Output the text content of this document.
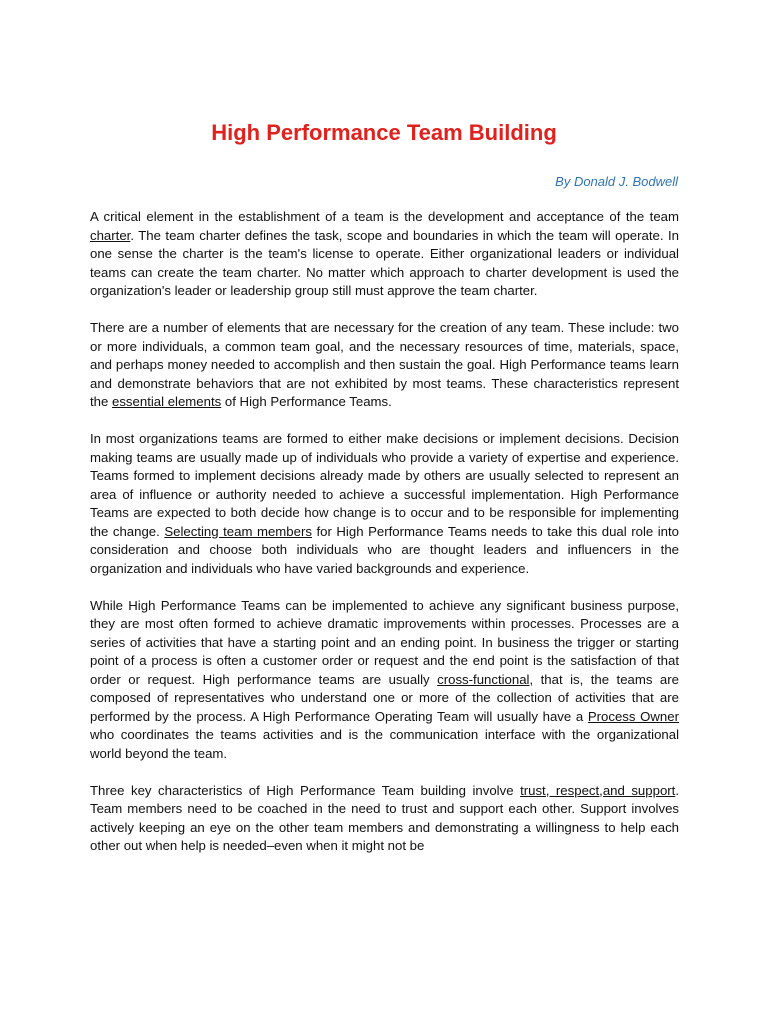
High Performance Team Building

By Donald J. Bodwell

A critical element in the establishment of a team is the development and acceptance of the team charter. The team charter defines the task, scope and boundaries in which the team will operate. In one sense the charter is the team's license to operate. Either organizational leaders or individual teams can create the team charter. No matter which approach to charter development is used the organization's leader or leadership group still must approve the team charter.

There are a number of elements that are necessary for the creation of any team. These include: two or more individuals, a common team goal, and the necessary resources of time, materials, space, and perhaps money needed to accomplish and then sustain the goal. High Performance teams learn and demonstrate behaviors that are not exhibited by most teams. These characteristics represent the essential elements of High Performance Teams.

In most organizations teams are formed to either make decisions or implement decisions. Decision making teams are usually made up of individuals who provide a variety of expertise and experience. Teams formed to implement decisions already made by others are usually selected to represent an area of influence or authority needed to achieve a successful implementation. High Performance Teams are expected to both decide how change is to occur and to be responsible for implementing the change. Selecting team members for High Performance Teams needs to take this dual role into consideration and choose both individuals who are thought leaders and influencers in the organization and individuals who have varied backgrounds and experience.

While High Performance Teams can be implemented to achieve any significant business purpose, they are most often formed to achieve dramatic improvements within processes. Processes are a series of activities that have a starting point and an ending point. In business the trigger or starting point of a process is often a customer order or request and the end point is the satisfaction of that order or request. High performance teams are usually cross-functional, that is, the teams are composed of representatives who understand one or more of the collection of activities that are performed by the process. A High Performance Operating Team will usually have a Process Owner who coordinates the teams activities and is the communication interface with the organizational world beyond the team.

Three key characteristics of High Performance Team building involve trust, respect,and support. Team members need to be coached in the need to trust and support each other. Support involves actively keeping an eye on the other team members and demonstrating a willingness to help each other out when help is needed–even when it might not be
